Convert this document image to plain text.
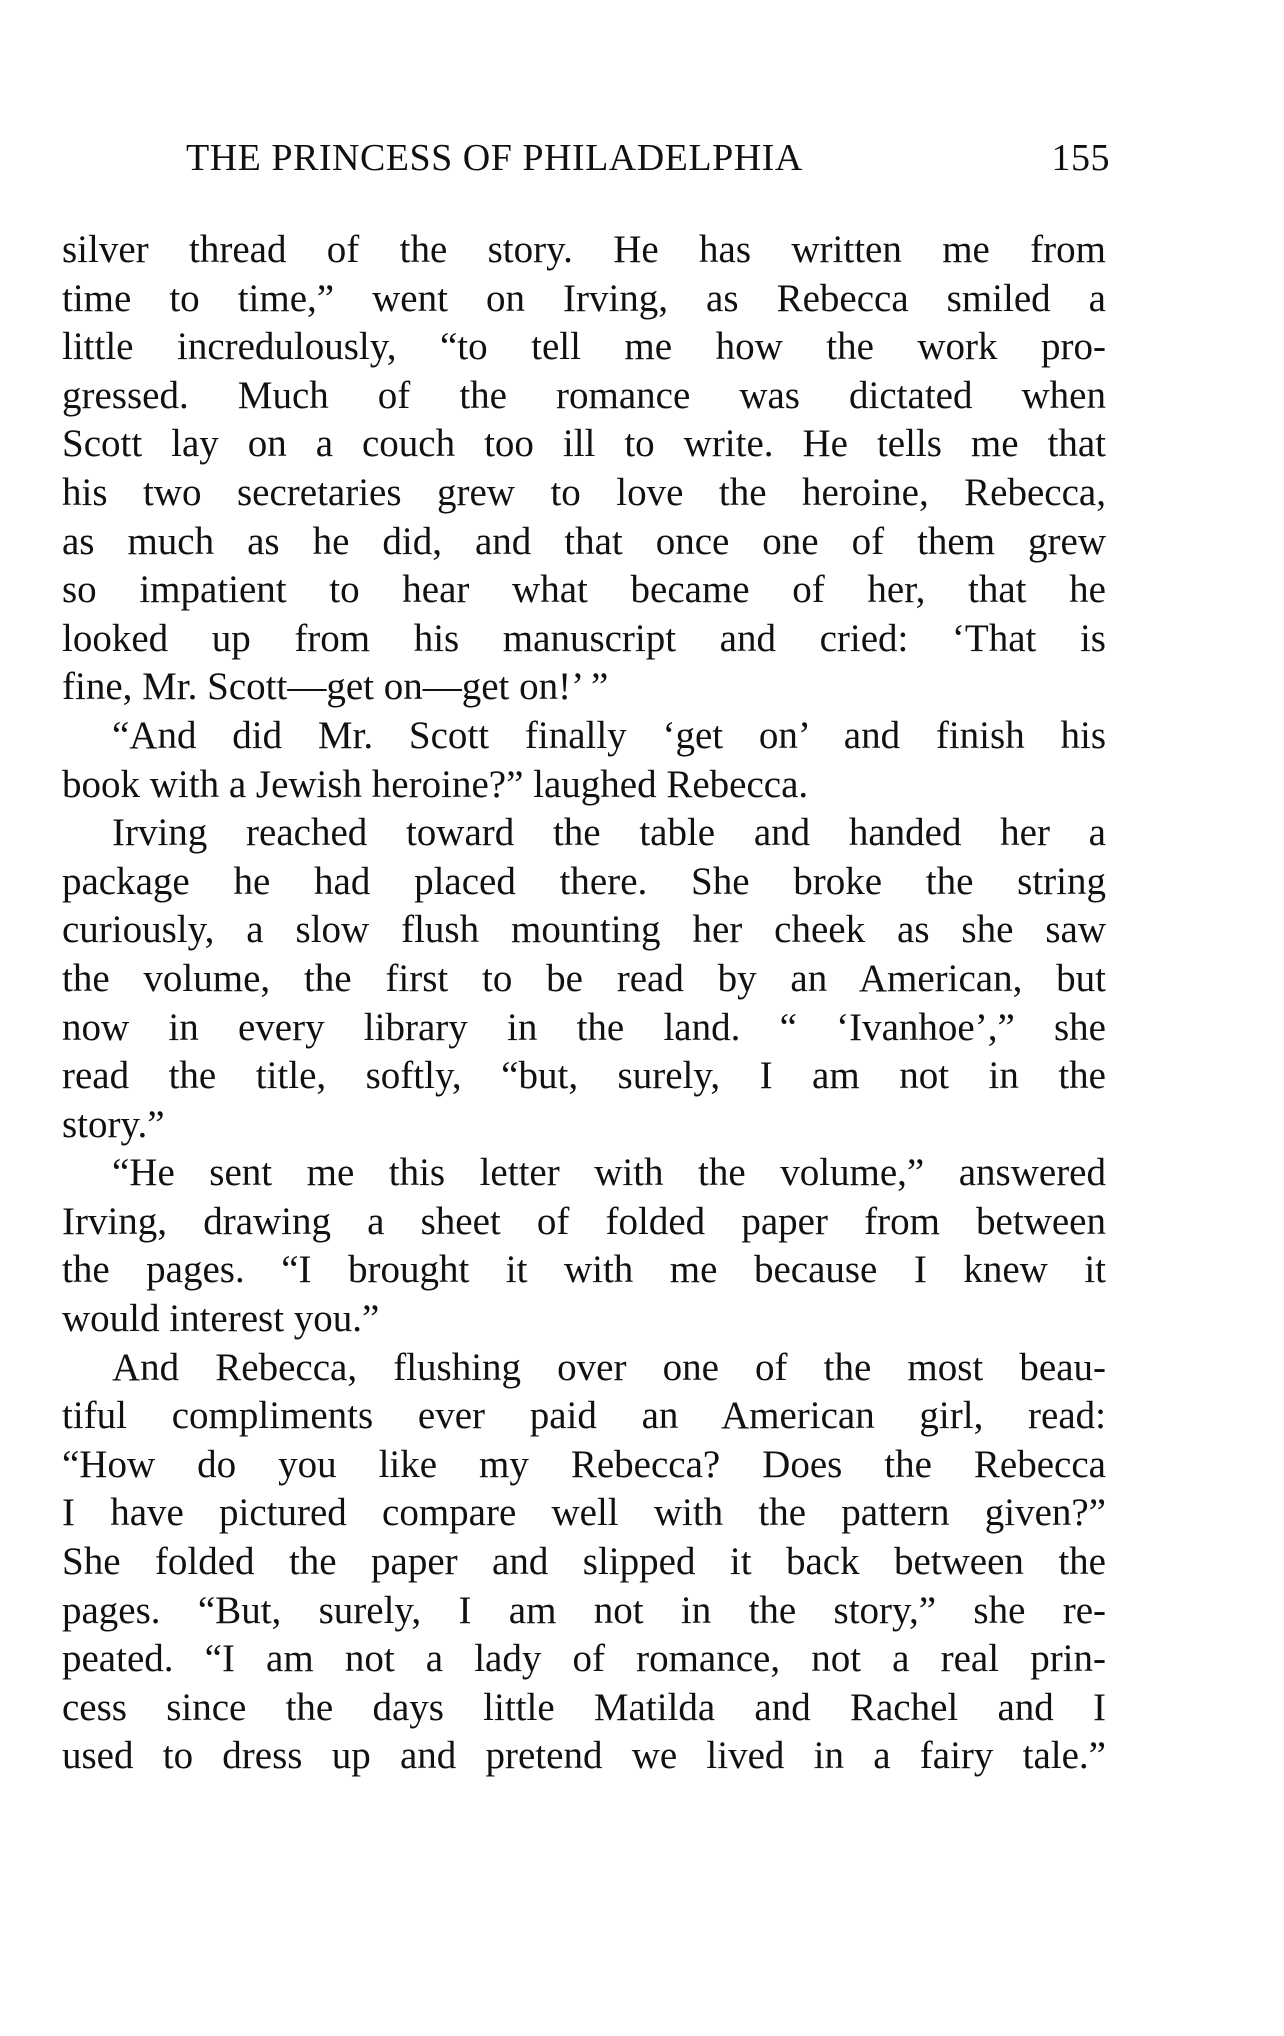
THE PRINCESS OF PHILADELPHIA	155
silver thread of the story. He has written me from
time to time,” went on Irving, as Rebecca smiled a
little incredulously, “to tell me how the work pro-
gressed. Much of the romance was dictated when
Scott lay on a couch too ill to write. He tells me that
his two secretaries grew to love the heroine, Rebecca,
as much as he did, and that once one of them grew
so impatient to hear what became of her, that he
looked up from his manuscript and cried: ‘That is
fine, Mr. Scott—get on—get on!’ ”
“And did Mr. Scott finally ‘get on’ and finish his
book with a Jewish heroine?” laughed Rebecca.
Irving reached toward the table and handed her a
package he had placed there. She broke the string
curiously, a slow flush mounting her cheek as she saw
the volume, the first to be read by an American, but
now in every library in the land. “ ‘Ivanhoe’,” she
read the title, softly, “but, surely, I am not in the
story.”
“He sent me this letter with the volume,” answered
Irving, drawing a sheet of folded paper from between
the pages. “I brought it with me because I knew it
would interest you.”
And Rebecca, flushing over one of the most beau-
tiful compliments ever paid an American girl, read:
“How do you like my Rebecca? Does the Rebecca
I have pictured compare well with the pattern given?”
She folded the paper and slipped it back between the
pages. “But, surely, I am not in the story,” she re-
peated. “I am not a lady of romance, not a real prin-
cess since the days little Matilda and Rachel and I
used to dress up and pretend we lived in a fairy tale.”
